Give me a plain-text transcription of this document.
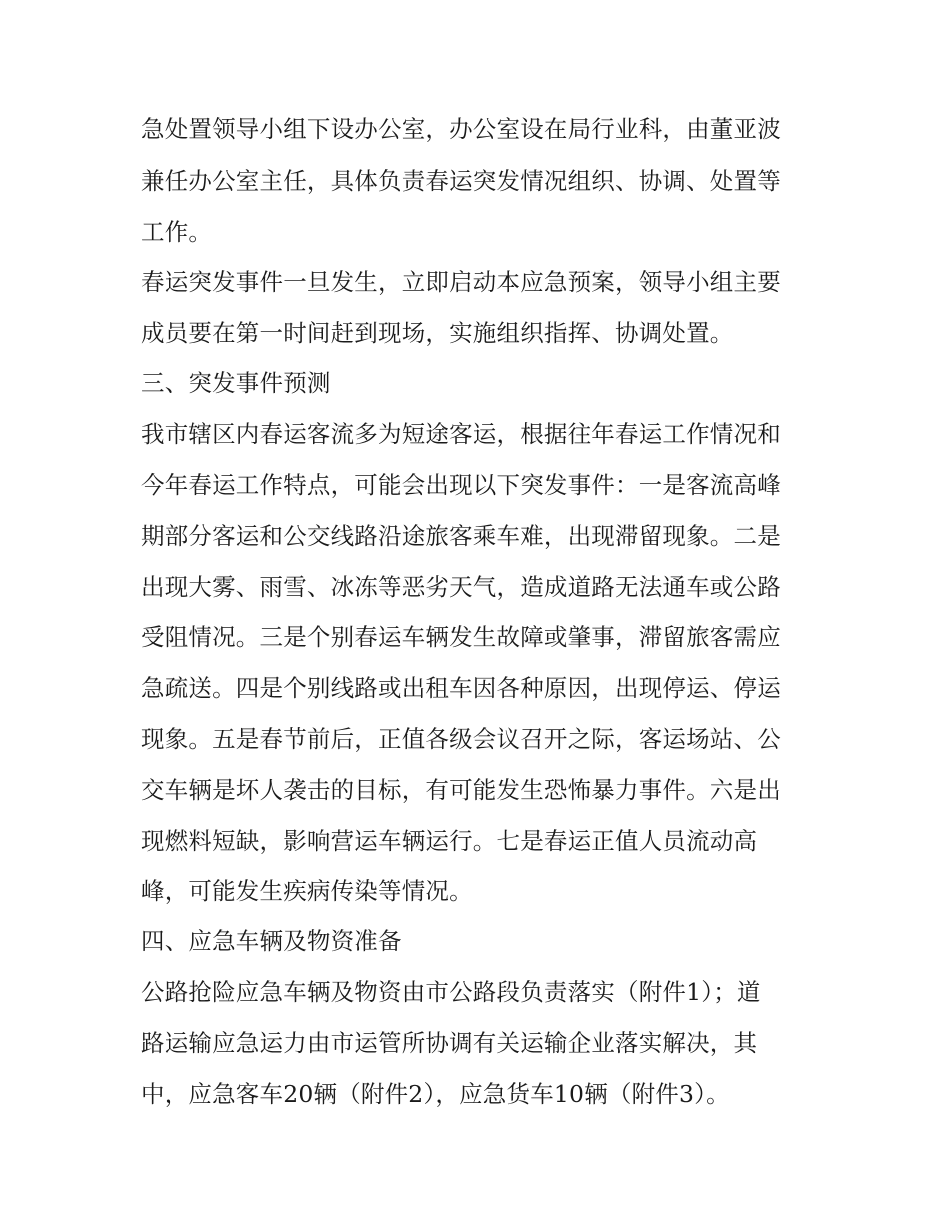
急处置领导小组下设办公室，办公室设在局行业科，由董亚波

兼任办公室主任，具体负责春运突发情况组织、协调、处置等

工作。

春运突发事件一旦发生，立即启动本应急预案，领导小组主要

成员要在第一时间赶到现场，实施组织指挥、协调处置。

三、突发事件预测

我市辖区内春运客流多为短途客运，根据往年春运工作情况和

今年春运工作特点，可能会出现以下突发事件：一是客流高峰

期部分客运和公交线路沿途旅客乘车难，出现滞留现象。二是

出现大雾、雨雪、冰冻等恶劣天气，造成道路无法通车或公路

受阻情况。三是个别春运车辆发生故障或肇事，滞留旅客需应

急疏送。四是个别线路或出租车因各种原因，出现停运、停运

现象。五是春节前后，正值各级会议召开之际，客运场站、公

交车辆是坏人袭击的目标，有可能发生恐怖暴力事件。六是出

现燃料短缺，影响营运车辆运行。七是春运正值人员流动高

峰，可能发生疾病传染等情况。

四、应急车辆及物资准备

公路抢险应急车辆及物资由市公路段负责落实（附件1）；道

路运输应急运力由市运管所协调有关运输企业落实解决，其

中，应急客车20辆（附件2），应急货车10辆（附件3）。
